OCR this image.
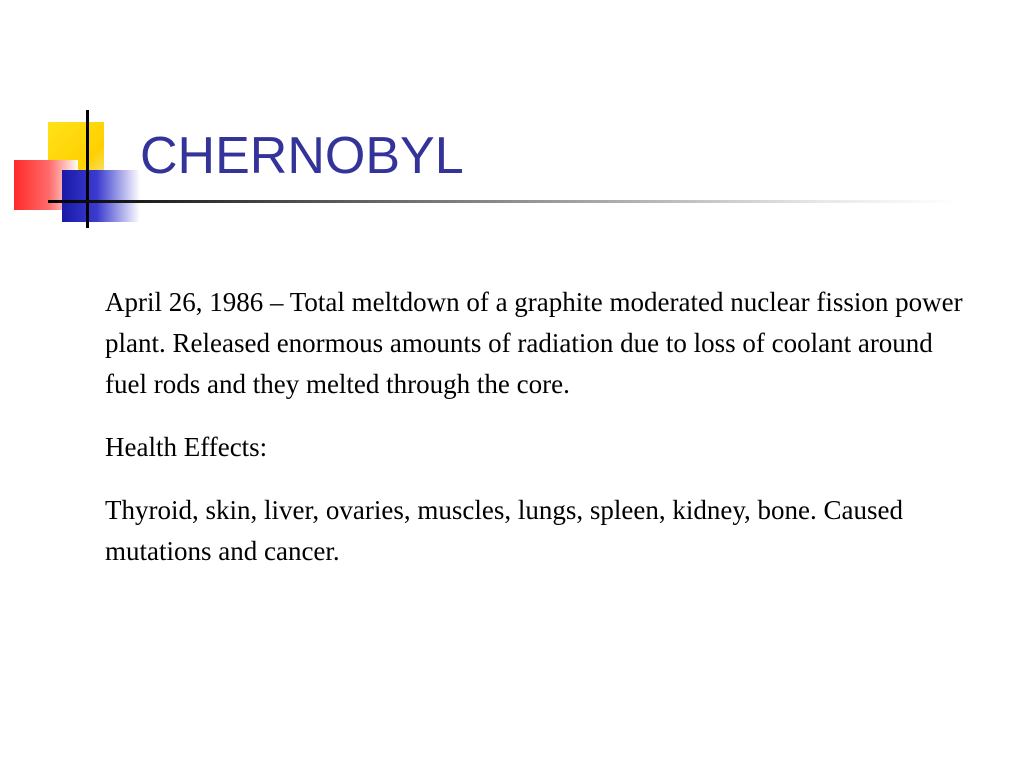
CHERNOBYL

April 26, 1986 – Total meltdown of a graphite moderated nuclear fission power plant. Released enormous amounts of radiation due to loss of coolant around fuel rods and they melted through the core.

Health Effects:

Thyroid, skin, liver, ovaries, muscles, lungs, spleen, kidney, bone. Caused mutations and cancer.
